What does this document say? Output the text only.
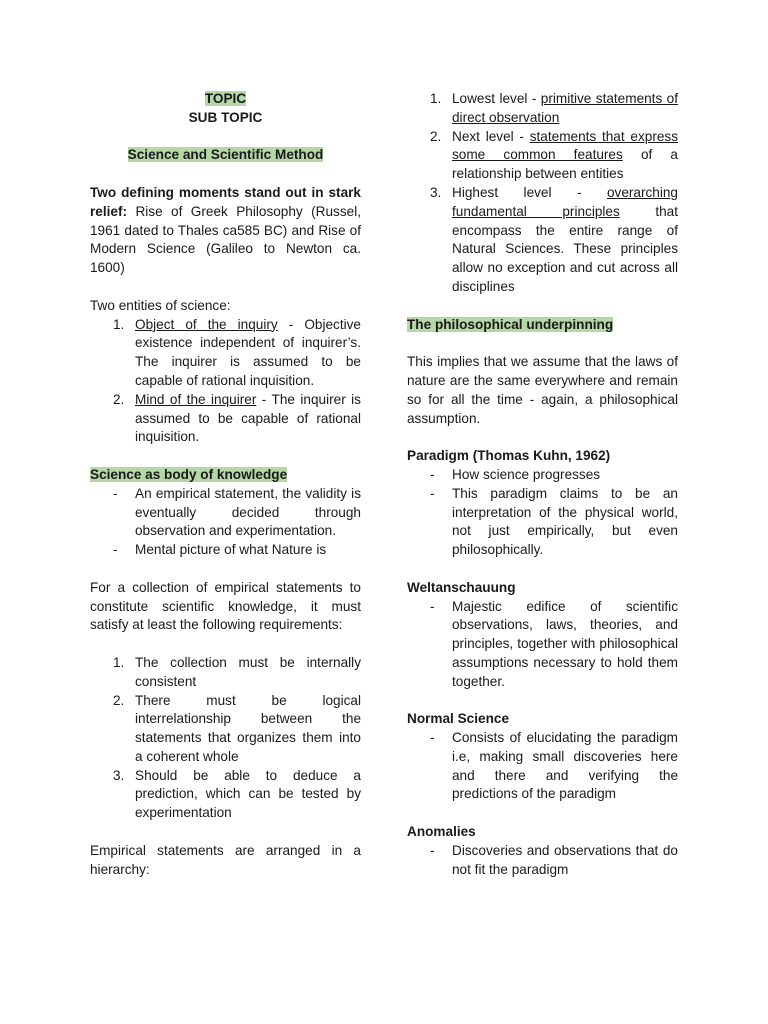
TOPIC

SUB TOPIC

Science and Scientific Method

Two defining moments stand out in stark relief: Rise of Greek Philosophy (Russel, 1961 dated to Thales ca585 BC) and Rise of Modern Science (Galileo to Newton ca. 1600)

Two entities of science:

1. Object of the inquiry - Objective existence independent of inquirer’s. The inquirer is assumed to be capable of rational inquisition.
2. Mind of the inquirer - The inquirer is assumed to be capable of rational inquisition.

Science as body of knowledge

- An empirical statement, the validity is eventually decided through observation and experimentation.
- Mental picture of what Nature is

For a collection of empirical statements to constitute scientific knowledge, it must satisfy at least the following requirements:

1. The collection must be internally consistent
2. There must be logical interrelationship between the statements that organizes them into a coherent whole
3. Should be able to deduce a prediction, which can be tested by experimentation

Empirical statements are arranged in a hierarchy:

1. Lowest level - primitive statements of direct observation
2. Next level - statements that express some common features of a relationship between entities
3. Highest level - overarching fundamental principles that encompass the entire range of Natural Sciences. These principles allow no exception and cut across all disciplines

The philosophical underpinning

This implies that we assume that the laws of nature are the same everywhere and remain so for all the time - again, a philosophical assumption.

Paradigm (Thomas Kuhn, 1962)

- How science progresses
- This paradigm claims to be an interpretation of the physical world, not just empirically, but even philosophically.

Weltanschauung

- Majestic edifice of scientific observations, laws, theories, and principles, together with philosophical assumptions necessary to hold them together.

Normal Science

- Consists of elucidating the paradigm i.e, making small discoveries here and there and verifying the predictions of the paradigm

Anomalies

- Discoveries and observations that do not fit the paradigm
